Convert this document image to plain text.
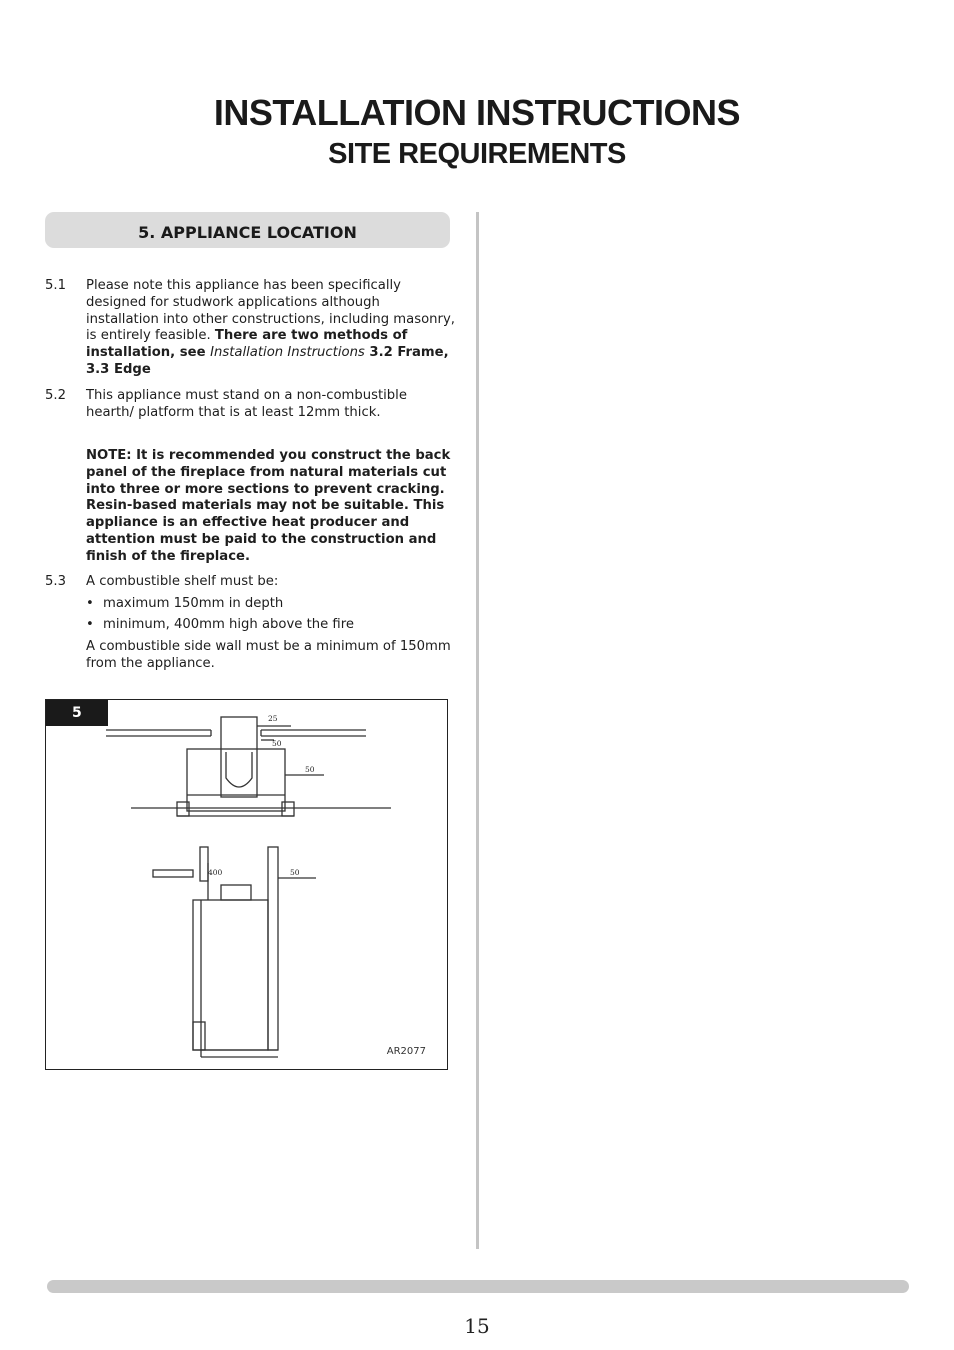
INSTALLATION INSTRUCTIONS
SITE REQUIREMENTS
5. APPLIANCE LOCATION
5.1 Please note this appliance has been specifically designed for studwork applications although installation into other constructions, including masonry, is entirely feasible. There are two methods of installation, see Installation Instructions 3.2 Frame, 3.3 Edge
5.2 This appliance must stand on a non-combustible hearth/ platform that is at least 12mm thick.
NOTE: It is recommended you construct the back panel of the fireplace from natural materials cut into three or more sections to prevent cracking. Resin-based materials may not be suitable. This appliance is an effective heat producer and attention must be paid to the construction and finish of the fireplace.
5.3 A combustible shelf must be:
• maximum 150mm in depth
• minimum, 400mm high above the fire
A combustible side wall must be a minimum of 150mm from the appliance.
25
50
50
400	50
5
AR2077
15
